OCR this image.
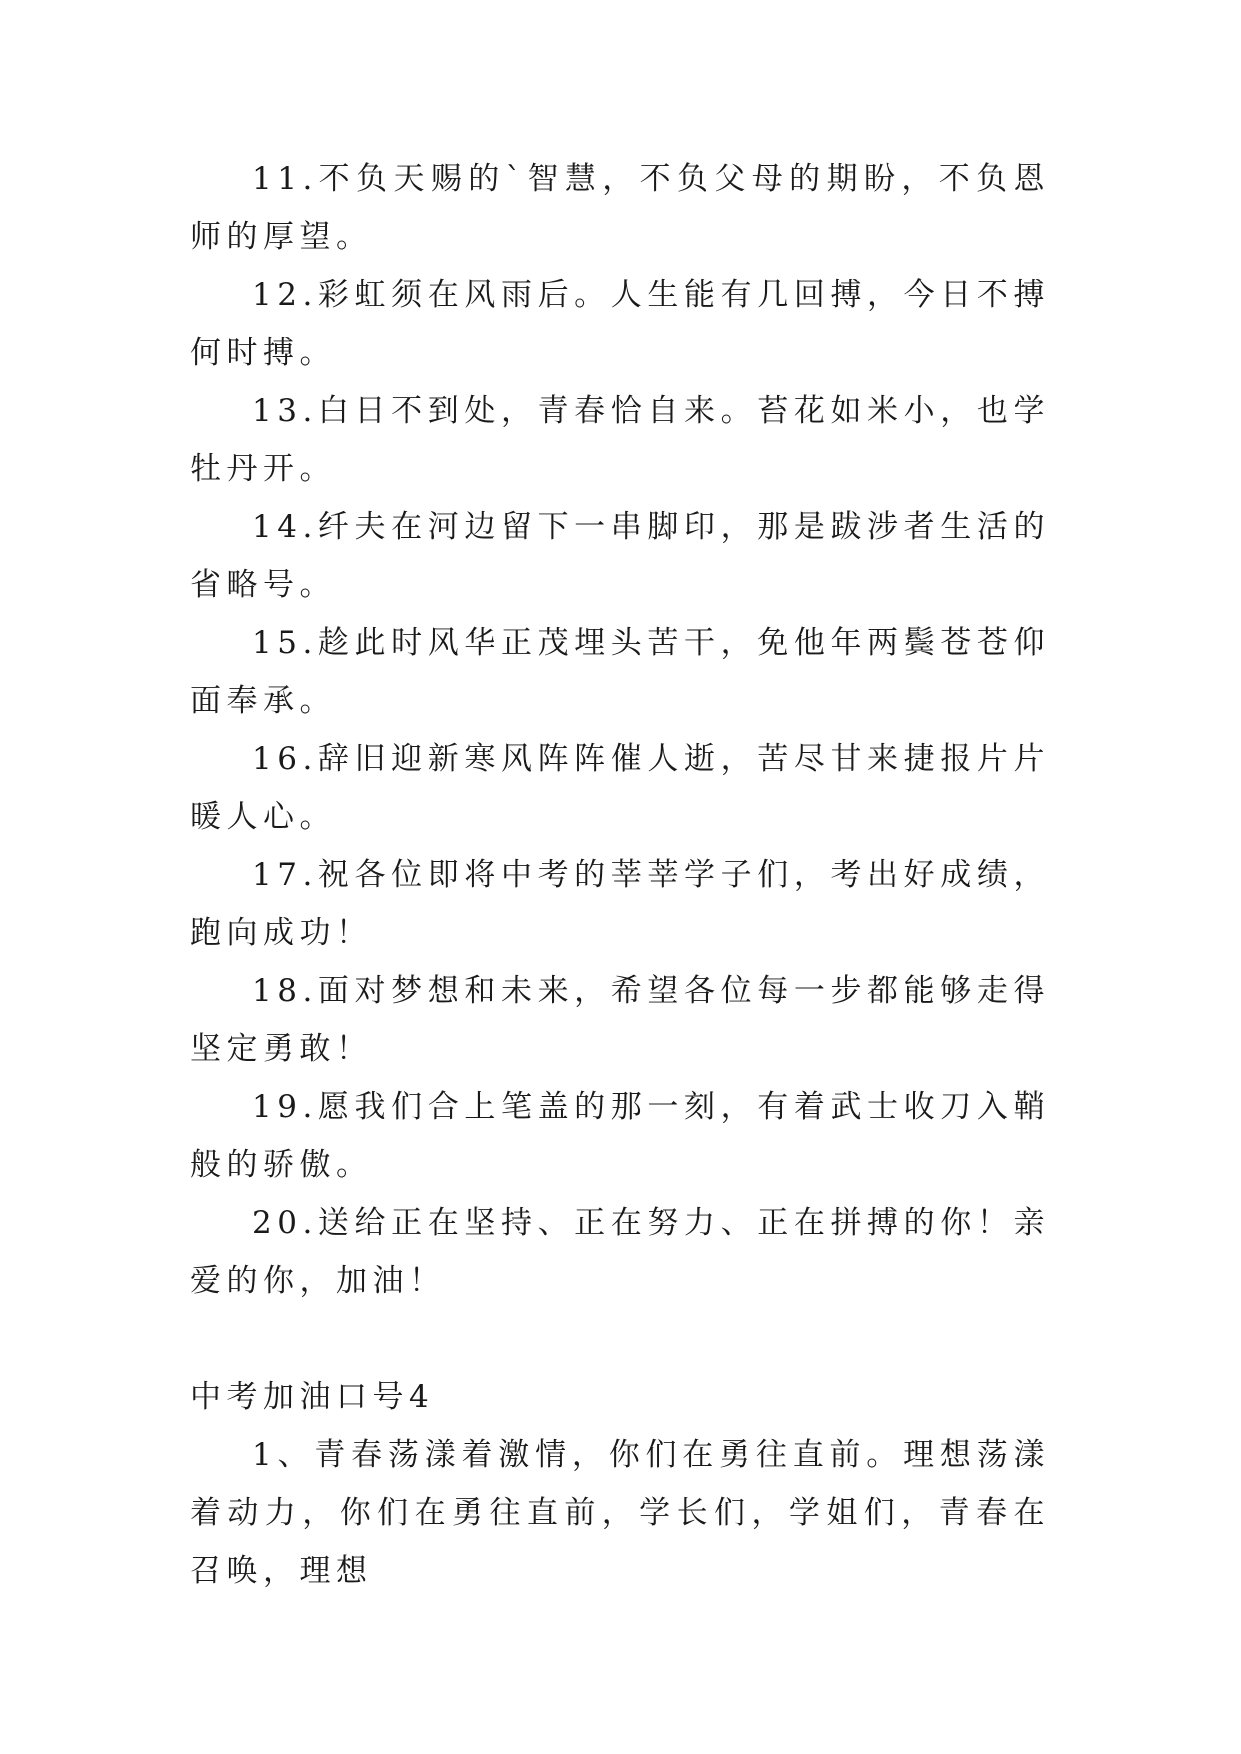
11.不负天赐的`智慧，不负父母的期盼，不负恩师的厚望。

12.彩虹须在风雨后。人生能有几回搏，今日不搏何时搏。

13.白日不到处，青春恰自来。苔花如米小，也学牡丹开。

14.纤夫在河边留下一串脚印，那是跋涉者生活的省略号。

15.趁此时风华正茂埋头苦干，免他年两鬓苍苍仰面奉承。

16.辞旧迎新寒风阵阵催人逝，苦尽甘来捷报片片暖人心。

17.祝各位即将中考的莘莘学子们，考出好成绩，跑向成功！

18.面对梦想和未来，希望各位每一步都能够走得坚定勇敢！

19.愿我们合上笔盖的那一刻，有着武士收刀入鞘般的骄傲。

20.送给正在坚持、正在努力、正在拼搏的你！亲爱的你，加油！

中考加油口号4

1、青春荡漾着激情，你们在勇往直前。理想荡漾着动力，你们在勇往直前，学长们，学姐们，青春在召唤，理想
